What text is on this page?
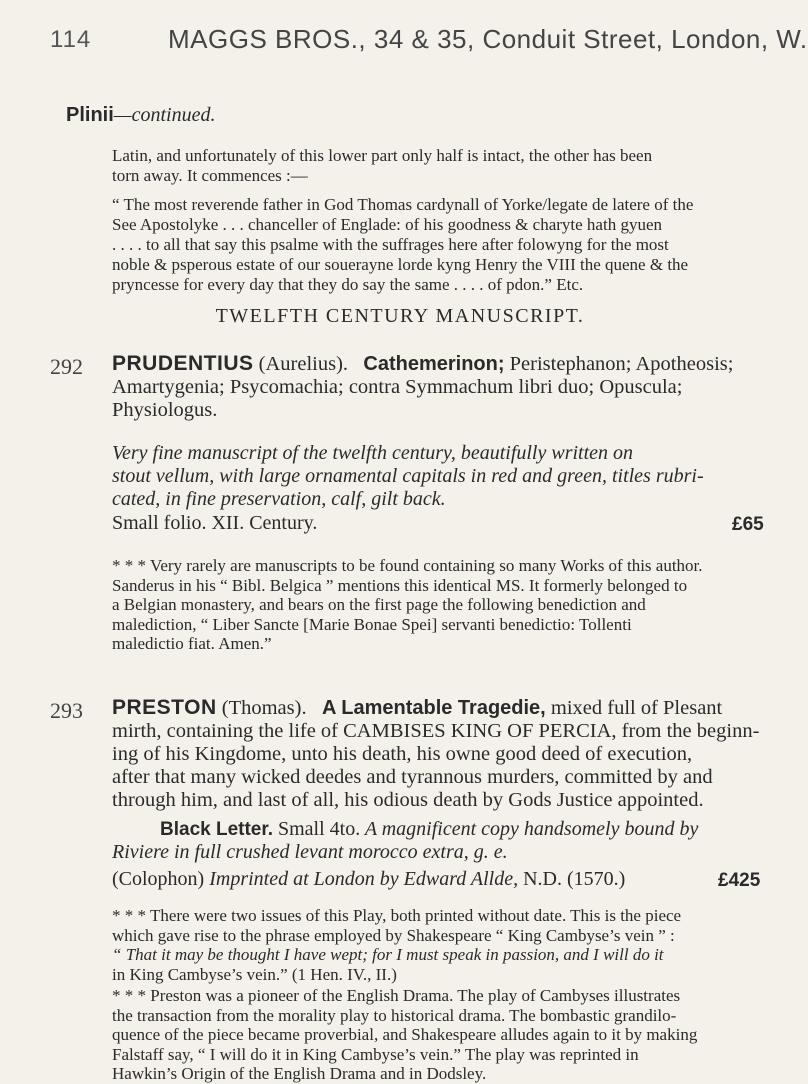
114	MAGGS BROS., 34 & 35, Conduit Street, London, W.
Plinii—continued.
Latin, and unfortunately of this lower part only half is intact, the other has been
torn away. It commences :—
“ The most reverende father in God Thomas cardynall of Yorke/legate de latere of the
See Apostolyke . . . chanceller of Englade: of his goodness & charyte hath gyuen
. . . . to all that say this psalme with the suffrages here after folowyng for the most
noble & psperous estate of our souerayne lorde kyng Henry the VIII the quene & the
pryncesse for every day that they do say the same . . . . of pdon.” Etc.
TWELFTH CENTURY MANUSCRIPT.
292 PRUDENTIUS (Aurelius). Cathemerinon; Peristephanon; Apotheosis;
Amartygenia; Psycomachia; contra Symmachum libri duo; Opuscula;
Physiologus.
Very fine manuscript of the twelfth century, beautifully written on
stout vellum, with large ornamental capitals in red and green, titles rubri-
cated, in fine preservation, calf, gilt back.
Small folio. XII. Century.	£65
* * * Very rarely are manuscripts to be found containing so many Works of this author.
Sanderus in his “ Bibl. Belgica ” mentions this identical MS. It formerly belonged to
a Belgian monastery, and bears on the first page the following benediction and
malediction, “ Liber Sancte [Marie Bonae Spei] servanti benedictio: Tollenti
maledictio fiat. Amen.”
293 PRESTON (Thomas). A Lamentable Tragedie, mixed full of Plesant
mirth, containing the life of CAMBISES KING OF PERCIA, from the beginn-
ing of his Kingdome, unto his death, his owne good deed of execution,
after that many wicked deedes and tyrannous murders, committed by and
through him, and last of all, his odious death by Gods Justice appointed.
Black Letter. Small 4to. A magnificent copy handsomely bound by
Riviere in full crushed levant morocco extra, g. e.
(Colophon) Imprinted at London by Edward Allde, N.D. (1570.)	£425
* * * There were two issues of this Play, both printed without date. This is the piece
which gave rise to the phrase employed by Shakespeare “ King Cambyse’s vein ” :
“ That it may be thought I have wept; for I must speak in passion, and I will do it
in King Cambyse’s vein.” (1 Hen. IV., II.)
* * * Preston was a pioneer of the English Drama. The play of Cambyses illustrates
the transaction from the morality play to historical drama. The bombastic grandilo-
quence of the piece became proverbial, and Shakespeare alludes again to it by making
Falstaff say, “ I will do it in King Cambyse’s vein.” The play was reprinted in
Hawkin’s Origin of the English Drama and in Dodsley.
